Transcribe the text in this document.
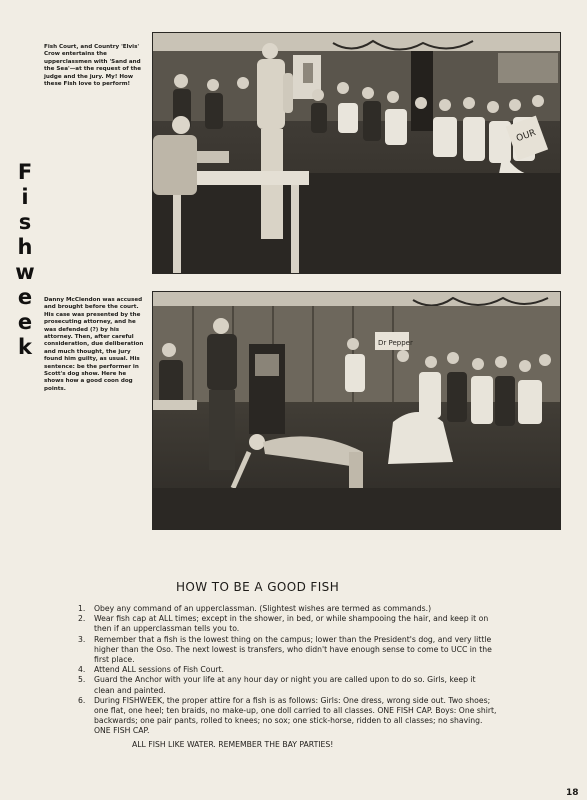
Fish Court, and Country 'Elvis' Crow entertains the upperclassmen with 'Sand and the Sea'—at the request of the judge and the jury. My! How these Fish love to perform!
F
i
s
h
w
e
e
k
Danny McClendon was accused and brought before the court. His case was presented by the prosecuting attorney, and he was defended (?) by his attorney. Then, after careful consideration, due deliberation and much thought, the jury found him guilty, as usual. His sentence: be the performer in Scott's dog show. Here he shows how a good coon dog points.
OUR
Dr Pepper
HOW TO BE A GOOD FISH
1.	Obey any command of an upperclassman. (Slightest wishes are termed as commands.)
2.	Wear fish cap at ALL times; except in the shower, in bed, or while shampooing the hair, and keep it on then if an upperclassman tells you to.
3.	Remember that a fish is the lowest thing on the campus; lower than the President's dog, and very little higher than the Oso. The next lowest is transfers, who didn't have enough sense to come to UCC in the first place.
4.	Attend ALL sessions of Fish Court.
5.	Guard the Anchor with your life at any hour day or night you are called upon to do so. Girls, keep it clean and painted.
6.	During FISHWEEK, the proper attire for a fish is as follows: Girls: One dress, wrong side out. Two shoes; one flat, one heel; ten braids, no make-up, one doll carried to all classes. ONE FISH CAP. Boys: One shirt, backwards; one pair pants, rolled to knees; no sox; one stick-horse, ridden to all classes; no shaving. ONE FISH CAP.
ALL FISH LIKE WATER. REMEMBER THE BAY PARTIES!
18
